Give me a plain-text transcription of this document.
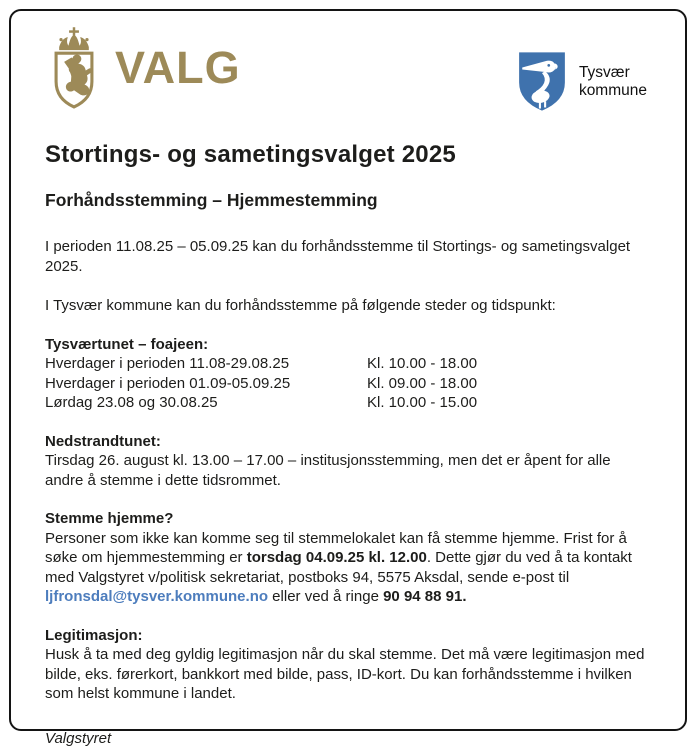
VALG	Tysvær
kommune
Stortings- og sametingsvalget 2025
Forhåndsstemming – Hjemmestemming

I perioden 11.08.25 – 05.09.25 kan du forhåndsstemme til Stortings- og sametingsvalget 2025.

I Tysvær kommune kan du forhåndsstemme på følgende steder og tidspunkt:

Tysværtunet – foajeen:

Hverdager i perioden 11.08-29.08.25	Kl. 10.00 - 18.00
Hverdager i perioden 01.09-05.09.25	Kl. 09.00 - 18.00
Lørdag 23.08 og 30.08.25	Kl. 10.00 - 15.00

Nedstrandtunet:

Tirsdag 26. august kl. 13.00 – 17.00 – institusjonsstemming, men det er åpent for alle andre å stemme i dette tidsrommet.

Stemme hjemme?

Personer som ikke kan komme seg til stemmelokalet kan få stemme hjemme. Frist for å søke om hjemmestemming er torsdag 04.09.25 kl. 12.00. Dette gjør du ved å ta kontakt med Valgstyret v/politisk sekretariat, postboks 94, 5575 Aksdal, sende e-post til ljfronsdal@tysver.kommune.no eller ved å ringe 90 94 88 91.

Legitimasjon:

Husk å ta med deg gyldig legitimasjon når du skal stemme. Det må være legitimasjon med bilde, eks. førerkort, bankkort med bilde, pass, ID-kort. Du kan forhåndsstemme i hvilken som helst kommune i landet.

Valgstyret
